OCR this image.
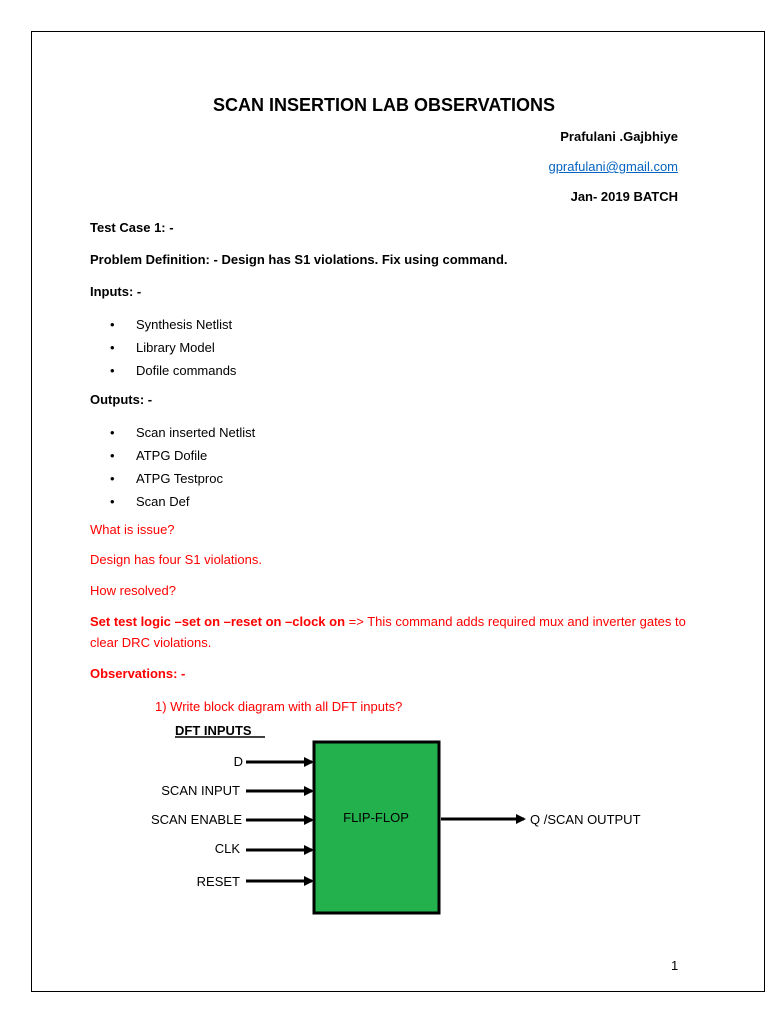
SCAN INSERTION LAB OBSERVATIONS
Prafulani .Gajbhiye
gprafulani@gmail.com
Jan- 2019 BATCH
Test Case 1: -
Problem Definition: - Design has S1 violations. Fix using command.
Inputs: -
• Synthesis Netlist
• Library Model
• Dofile commands
Outputs: -
• Scan inserted Netlist
• ATPG Dofile
• ATPG Testproc
• Scan Def
What is issue?
Design has four S1 violations.
How resolved?
Set test logic –set on –reset on –clock on => This command adds required mux and inverter gates to clear DRC violations.
Observations: -
1) Write block diagram with all DFT inputs?
DFT INPUTS
FLIP-FLOP
D
SCAN INPUT
SCAN ENABLE
CLK
RESET
Q /SCAN OUTPUT
1
